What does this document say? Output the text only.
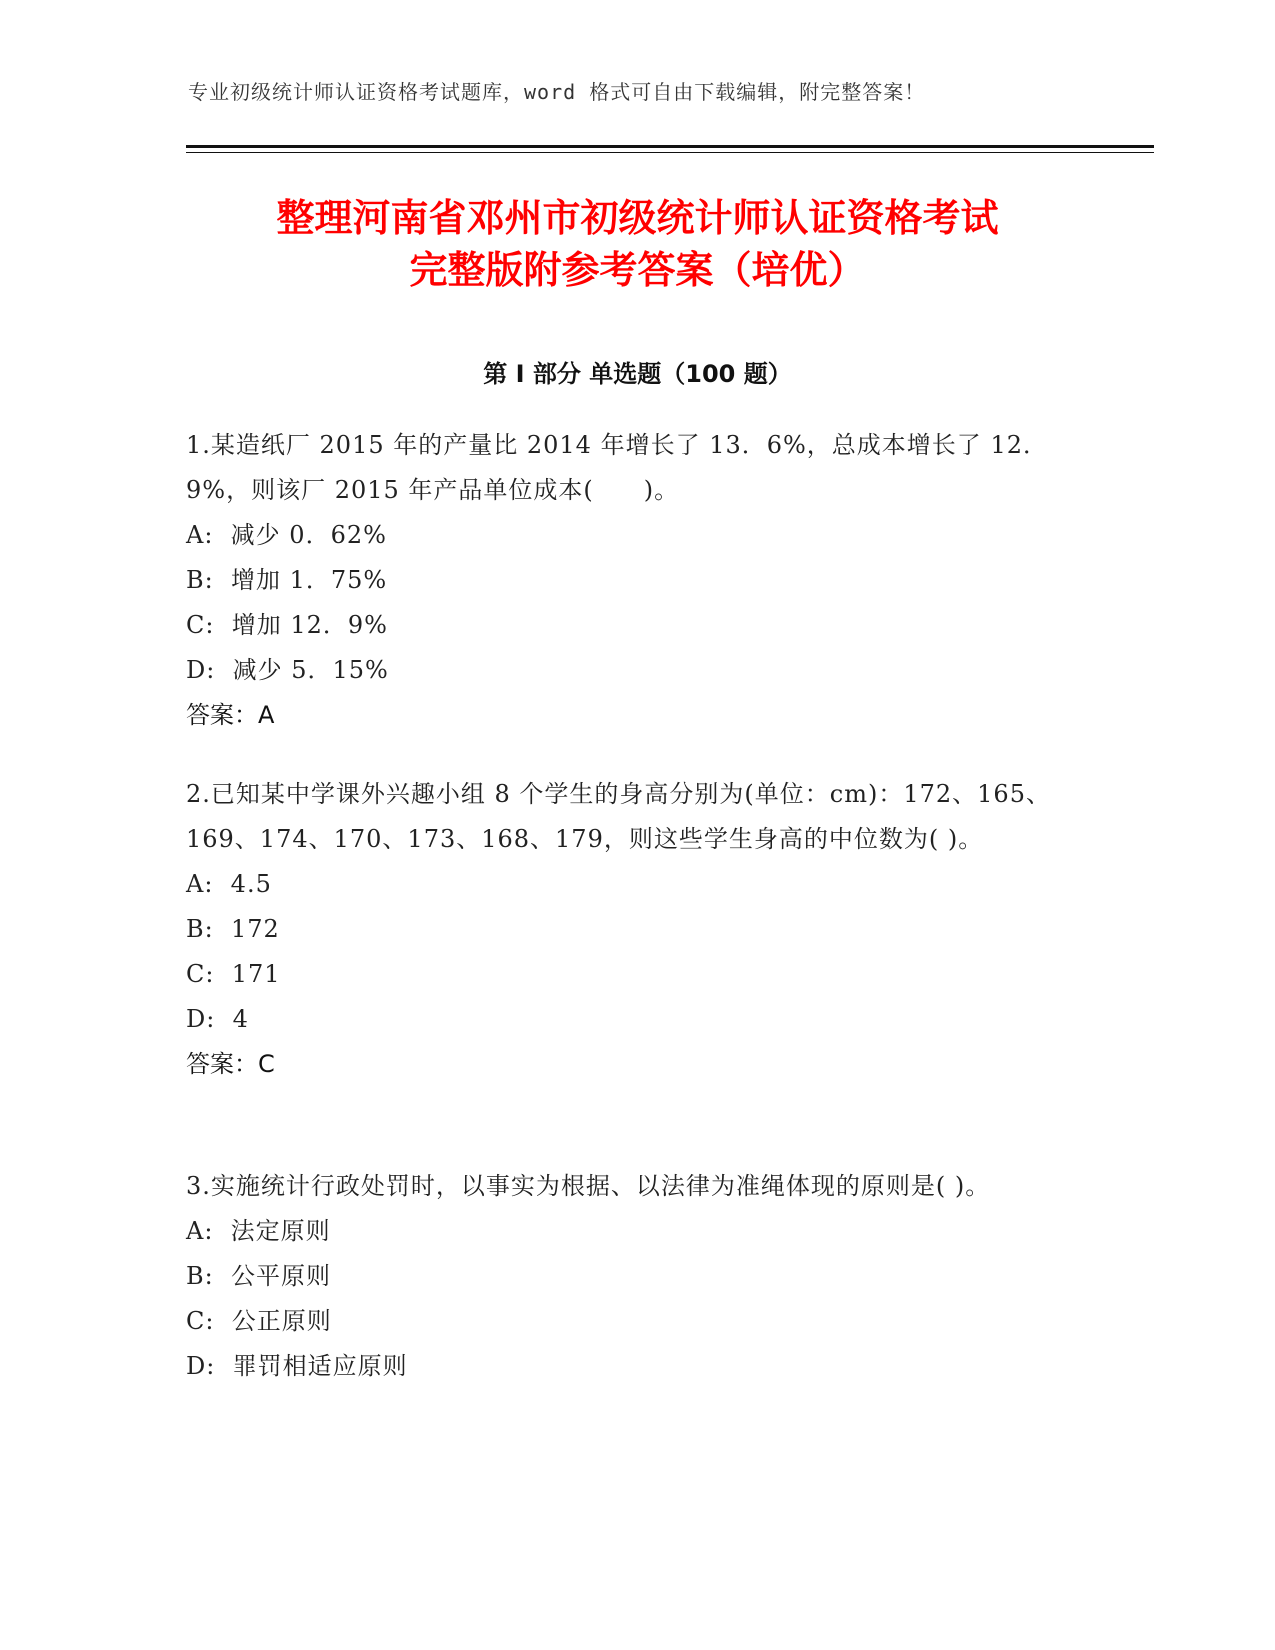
专业初级统计师认证资格考试题库，word 格式可自由下载编辑，附完整答案！
整理河南省邓州市初级统计师认证资格考试
完整版附参考答案（培优）
第 I 部分 单选题（100 题）

1.某造纸厂 2015 年的产量比 2014 年增长了 13．6%，总成本增长了 12．9%，则该厂 2015 年产品单位成本(　　)。

A:  减少 0．62%

B:  增加 1．75%

C:  增加 12．9%

D:  减少 5．15%

答案：A

2.已知某中学课外兴趣小组 8 个学生的身高分别为(单位：cm)：172、165、169、174、170、173、168、179，则这些学生身高的中位数为( )。

A:  4.5

B:  172

C:  171

D:  4

答案：C

3.实施统计行政处罚时，以事实为根据、以法律为准绳体现的原则是( )。

A:  法定原则

B:  公平原则

C:  公正原则

D:  罪罚相适应原则
